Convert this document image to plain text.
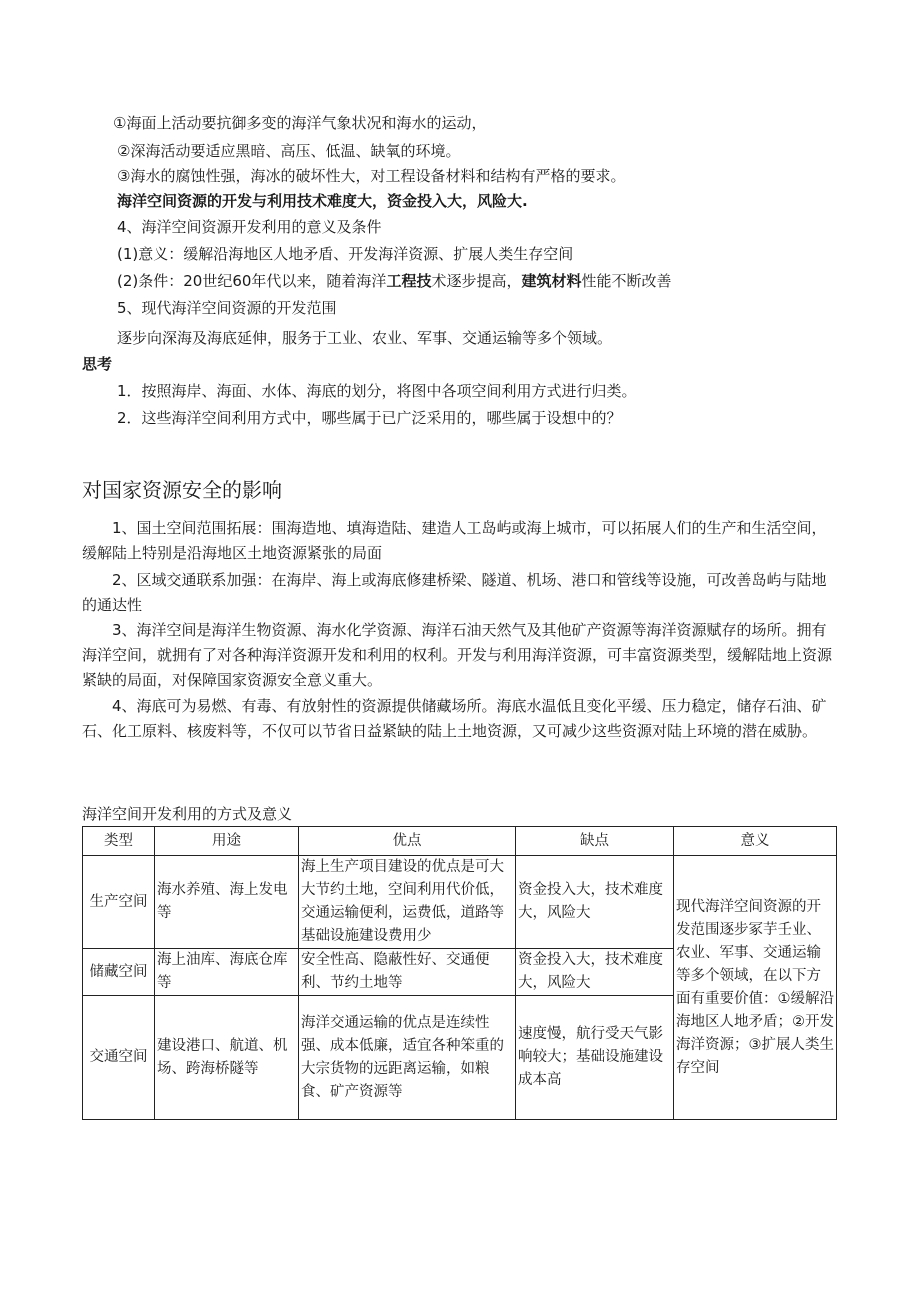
①海面上活动要抗御多变的海洋气象状况和海水的运动，
②深海活动要适应黑暗、高压、低温、缺氧的环境。
③海水的腐蚀性强，海冰的破坏性大，对工程设备材料和结构有严格的要求。
海洋空间资源的开发与利用技术难度大，资金投入大，风险大.
4、海洋空间资源开发利用的意义及条件
(1)意义：缓解沿海地区人地矛盾、开发海洋资源、扩展人类生存空间
(2)条件：20世纪60年代以来，随着海洋工程技术逐步提高，建筑材料性能不断改善
5、现代海洋空间资源的开发范围
逐步向深海及海底延伸，服务于工业、农业、军事、交通运输等多个领域。
思考
1．按照海岸、海面、水体、海底的划分，将图中各项空间利用方式进行归类。
2．这些海洋空间利用方式中，哪些属于已广泛采用的，哪些属于设想中的？
对国家资源安全的影响
1、国土空间范围拓展：围海造地、填海造陆、建造人工岛屿或海上城市，可以拓展人们的生产和生活空间，缓解陆上特别是沿海地区土地资源紧张的局面
2、区域交通联系加强：在海岸、海上或海底修建桥梁、隧道、机场、港口和管线等设施，可改善岛屿与陆地的通达性
3、海洋空间是海洋生物资源、海水化学资源、海洋石油天然气及其他矿产资源等海洋资源赋存的场所。拥有海洋空间，就拥有了对各种海洋资源开发和利用的权利。开发与利用海洋资源，可丰富资源类型，缓解陆地上资源紧缺的局面，对保障国家资源安全意义重大。
4、海底可为易燃、有毒、有放射性的资源提供储藏场所。海底水温低且变化平缓、压力稳定，储存石油、矿石、化工原料、核废料等，不仅可以节省日益紧缺的陆上土地资源，又可减少这些资源对陆上环境的潜在威胁。
海洋空间开发利用的方式及意义
类型	用途	优点	缺点	意义
生产空间	海水养殖、海上发电等	海上生产项目建设的优点是可大大节约土地，空间利用代价低，交通运输便利，运费低，道路等基础设施建设费用少	资金投入大，技术难度大，风险大	现代海洋空间资源的开发范围逐步冢芋壬业、农业、军事、交通运输等多个领域，在以下方面有重要价值：①缓解沿海地区人地矛盾；②开发海洋资源；③扩展人类生存空间
储藏空间	海上油库、海底仓库等	安全性高、隐蔽性好、交通便利、节约土地等	资金投入大，技术难度大，风险大	
交通空间	建设港口、航道、机场、跨海桥隧等	海洋交通运输的优点是连续性强、成本低廉，适宜各种笨重的大宗货物的远距离运输，如粮食、矿产资源等	速度慢，航行受天气影响较大；基础设施建设成本高	
